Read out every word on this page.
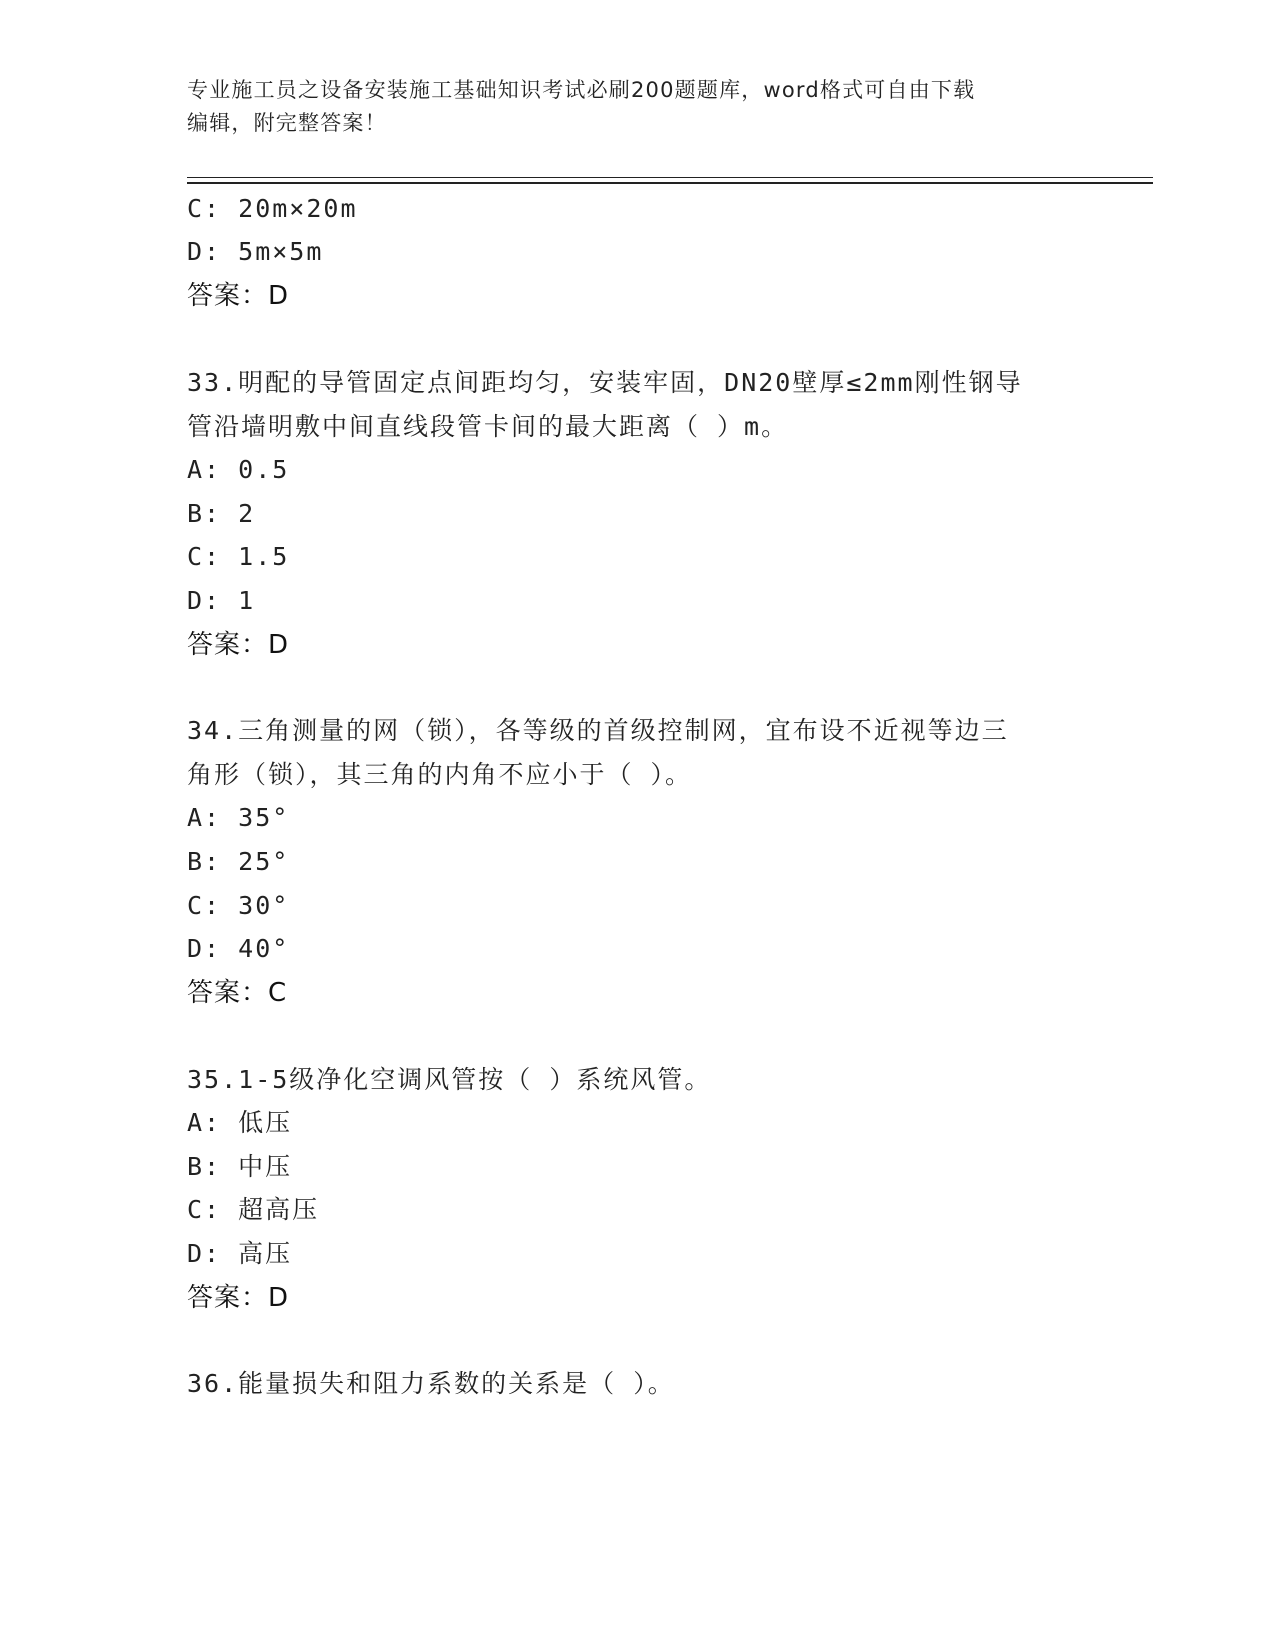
专业施工员之设备安装施工基础知识考试必刷200题题库，word格式可自由下载
编辑，附完整答案！
C: 20m×20m
D: 5m×5m
答案：D
33.明配的导管固定点间距均匀，安装牢固，DN20壁厚≤2mm刚性钢导
管沿墙明敷中间直线段管卡间的最大距离（ ）m。
A: 0.5
B: 2
C: 1.5
D: 1
答案：D
34.三角测量的网（锁），各等级的首级控制网，宜布设不近视等边三
角形（锁），其三角的内角不应小于（ ）。
A: 35°
B: 25°
C: 30°
D: 40°
答案：C
35.1-5级净化空调风管按（ ）系统风管。
A: 低压
B: 中压
C: 超高压
D: 高压
答案：D
36.能量损失和阻力系数的关系是（ ）。
